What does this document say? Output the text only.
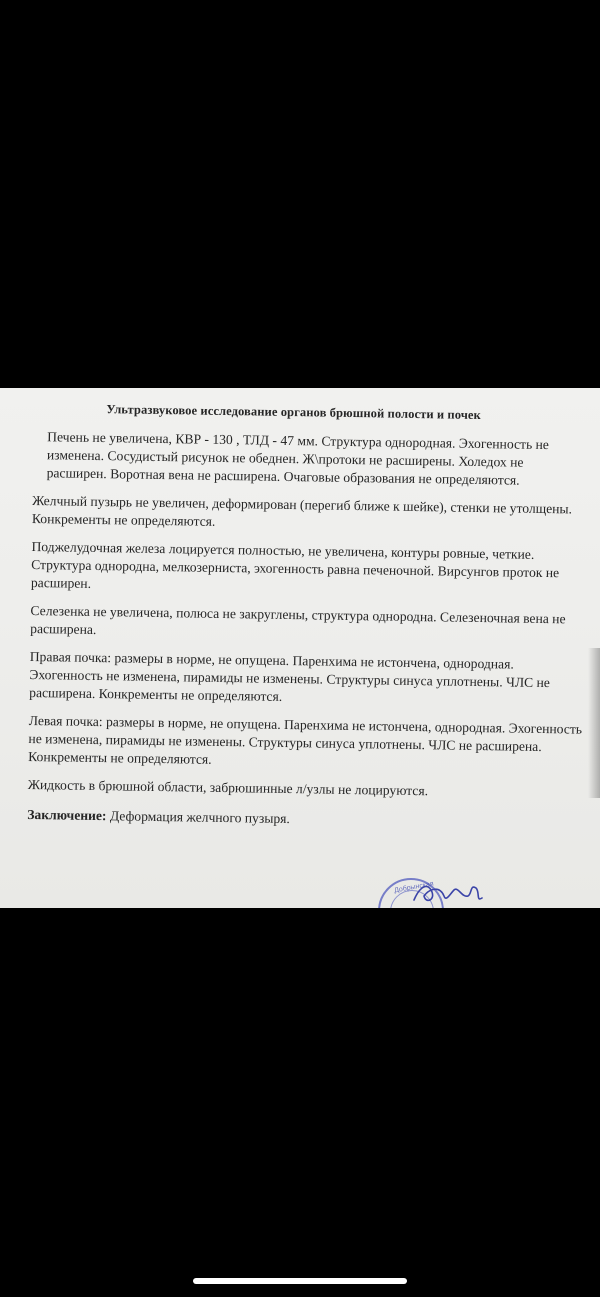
Ультразвуковое исследование органов брюшной полости и почек

Печень не увеличена, КВР - 130 , ТЛД - 47 мм. Структура однородная. Эхогенность не изменена. Сосудистый рисунок не обеднен. Ж\протоки не расширены. Холедох не расширен. Воротная вена не расширена. Очаговые образования не определяются.

Желчный пузырь не увеличен, деформирован (перегиб ближе к шейке), стенки не утолщены. Конкременты не определяются.

Поджелудочная железа лоцируется полностью, не увеличена, контуры ровные, четкие. Структура однородна, мелкозернистa, эхогенность равна печеночной. Вирсунгов проток не расширен.

Селезенка не увеличена, полюса не закруглены, структура однородна. Селезеночная вена не расширена.

Правая почка: размеры в норме, не опущена. Паренхима не истончена, однородная. Эхогенность не изменена, пирамиды не изменены. Структуры синуса уплотнены. ЧЛС не расширена. Конкременты не определяются.

Левая почка: размеры в норме, не опущена. Паренхима не истончена, однородная. Эхогенность не изменена, пирамиды не изменены. Структуры синуса уплотнены. ЧЛС не расширена. Конкременты не определяются.

Жидкость в брюшной области, забрюшинные л/узлы не лоцируются.

Заключение: Деформация желчного пузыря.

Добрынская
